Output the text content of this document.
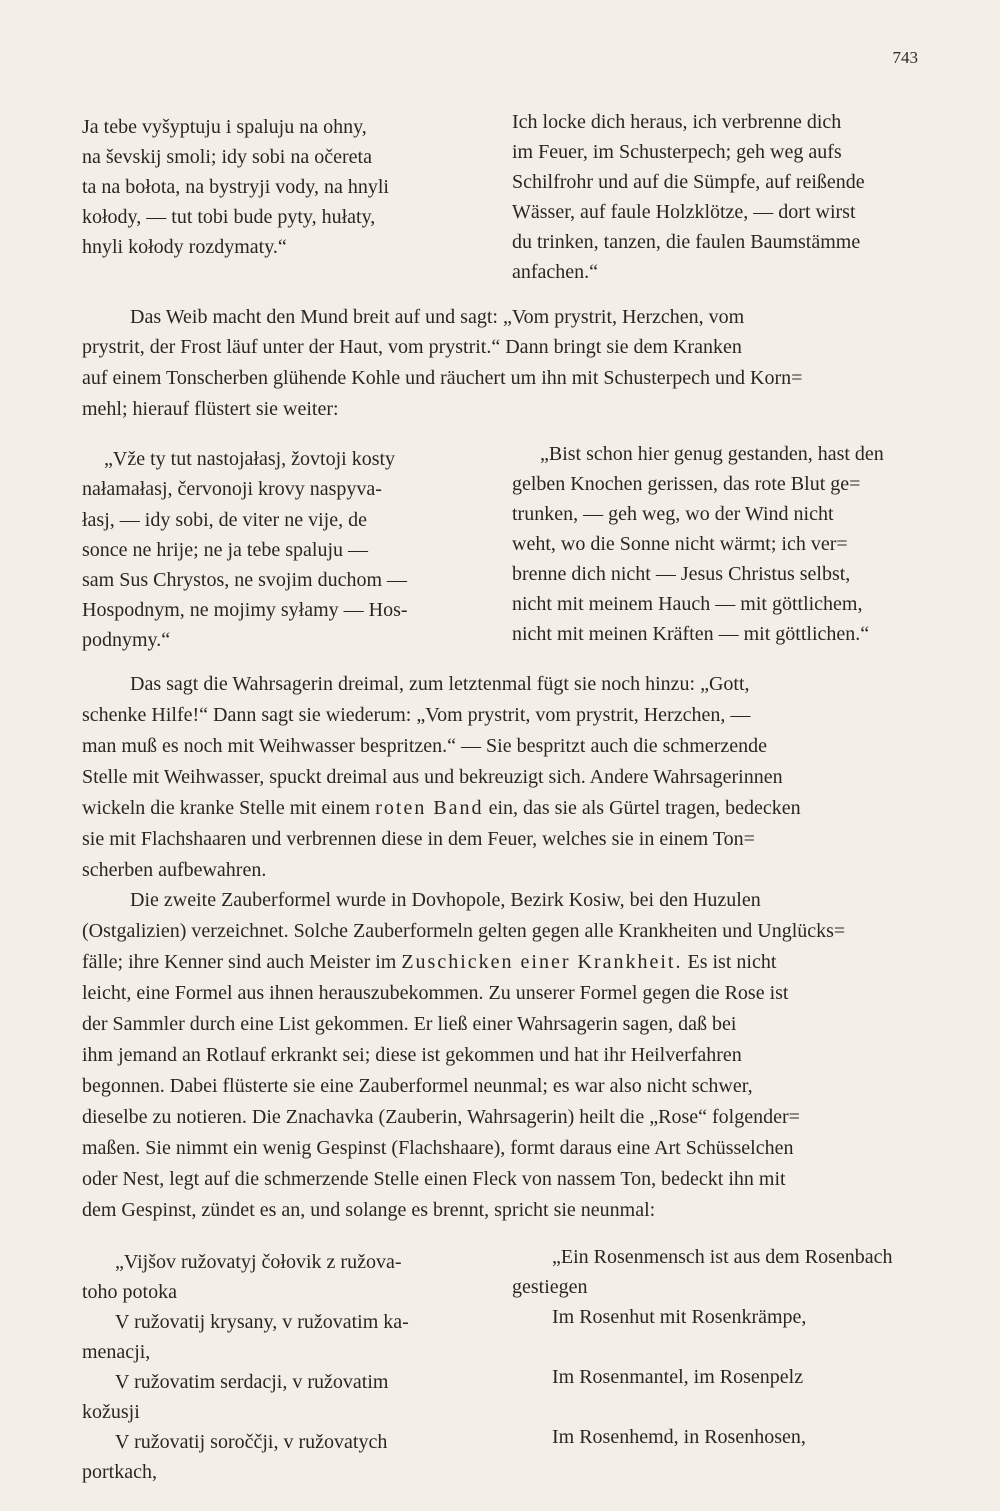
743
Ja tebe vyšyptuju i spaluju na ohny,
na ševskij smoli; idy sobi na očereta
ta na bołota, na bystryji vody, na hnyli
kołody, — tut tobi bude pyty, hułaty,
hnyli kołody rozdymaty.“
Ich locke dich heraus, ich verbrenne dich
im Feuer, im Schusterpech; geh weg aufs
Schilfrohr und auf die Sümpfe, auf reißende
Wässer, auf faule Holzklötze, — dort wirst
du trinken, tanzen, die faulen Baumstämme
anfachen.“
Das Weib macht den Mund breit auf und sagt: „Vom prystrit, Herzchen, vom
prystrit, der Frost läuf unter der Haut, vom prystrit.“ Dann bringt sie dem Kranken
auf einem Tonscherben glühende Kohle und räuchert um ihn mit Schusterpech und Korn=
mehl; hierauf flüstert sie weiter:
„Vže ty tut nastojałasj, žovtoji kosty
nałamałasj, červonoji krovy naspyva-
łasj, — idy sobi, de viter ne vije, de
sonce ne hrije; ne ja tebe spaluju —
sam Sus Chrystos, ne svojim duchom —
Hospodnym, ne mojimy syłamy — Hos-
podnymy.“
„Bist schon hier genug gestanden, hast den
gelben Knochen gerissen, das rote Blut ge=
trunken, — geh weg, wo der Wind nicht
weht, wo die Sonne nicht wärmt; ich ver=
brenne dich nicht — Jesus Christus selbst,
nicht mit meinem Hauch — mit göttlichem,
nicht mit meinen Kräften — mit göttlichen.“
Das sagt die Wahrsagerin dreimal, zum letztenmal fügt sie noch hinzu: „Gott,
schenke Hilfe!“ Dann sagt sie wiederum: „Vom prystrit, vom prystrit, Herzchen, —
man muß es noch mit Weihwasser bespritzen.“ — Sie bespritzt auch die schmerzende
Stelle mit Weihwasser, spuckt dreimal aus und bekreuzigt sich. Andere Wahrsagerinnen
wickeln die kranke Stelle mit einem roten Band ein, das sie als Gürtel tragen, bedecken
sie mit Flachshaaren und verbrennen diese in dem Feuer, welches sie in einem Ton=
scherben aufbewahren.
Die zweite Zauberformel wurde in Dovhopole, Bezirk Kosiw, bei den Huzulen
(Ostgalizien) verzeichnet. Solche Zauberformeln gelten gegen alle Krankheiten und Unglücks=
fälle; ihre Kenner sind auch Meister im Zuschicken einer Krankheit. Es ist nicht
leicht, eine Formel aus ihnen herauszubekommen. Zu unserer Formel gegen die Rose ist
der Sammler durch eine List gekommen. Er ließ einer Wahrsagerin sagen, daß bei
ihm jemand an Rotlauf erkrankt sei; diese ist gekommen und hat ihr Heilverfahren
begonnen. Dabei flüsterte sie eine Zauberformel neunmal; es war also nicht schwer,
dieselbe zu notieren. Die Znachavka (Zauberin, Wahrsagerin) heilt die „Rose“ folgender=
maßen. Sie nimmt ein wenig Gespinst (Flachshaare), formt daraus eine Art Schüsselchen
oder Nest, legt auf die schmerzende Stelle einen Fleck von nassem Ton, bedeckt ihn mit
dem Gespinst, zündet es an, und solange es brennt, spricht sie neunmal:
„Vijšov ružovatyj čołovik z ružova-
toho potoka
V ružovatij krysany, v ružovatim ka-
menacji,
V ružovatim serdacji, v ružovatim
kožusji
V ružovatij soroččji, v ružovatych
portkach,
„Ein Rosenmensch ist aus dem Rosenbach
gestiegen
Im Rosenhut mit Rosenkrämpe,
Im Rosenmantel, im Rosenpelz
Im Rosenhemd, in Rosenhosen,
